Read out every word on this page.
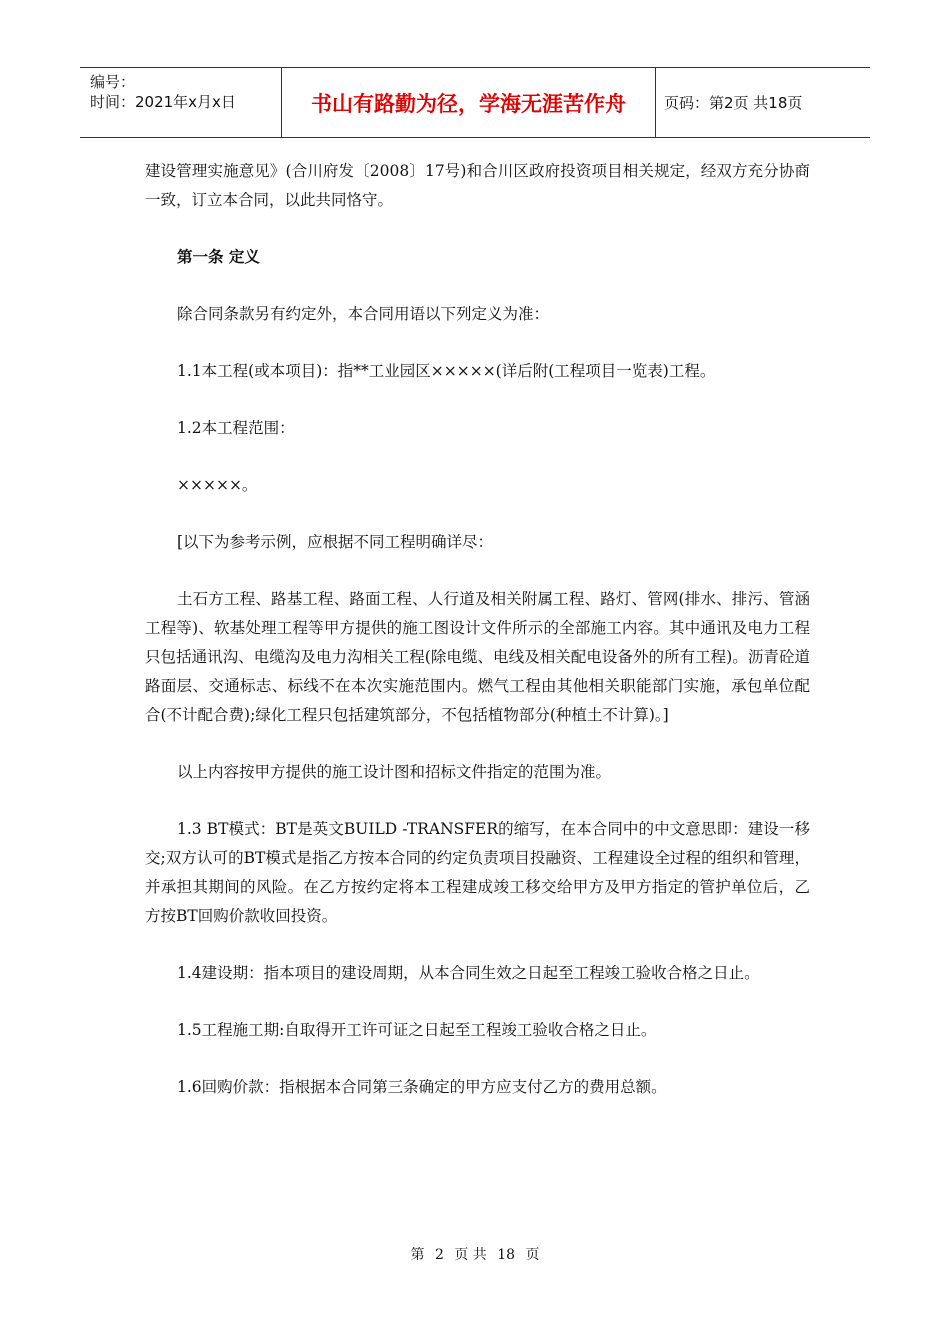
编号：
时间：2021年x月x日	书山有路勤为径，学海无涯苦作舟	页码：第2页 共18页

建设管理实施意见》(合川府发〔2008〕17号)和合川区政府投资项目相关规定，经双方充分协商一致，订立本合同，以此共同恪守。

第一条 定义

除合同条款另有约定外，本合同用语以下列定义为准：

1.1本工程(或本项目)：指**工业园区×××××(详后附(工程项目一览表)工程。

1.2本工程范围：

×××××。

[以下为参考示例，应根据不同工程明确详尽：

土石方工程、路基工程、路面工程、人行道及相关附属工程、路灯、管网(排水、排污、管涵工程等)、软基处理工程等甲方提供的施工图设计文件所示的全部施工内容。其中通讯及电力工程只包括通讯沟、电缆沟及电力沟相关工程(除电缆、电线及相关配电设备外的所有工程)。沥青砼道路面层、交通标志、标线不在本次实施范围内。燃气工程由其他相关职能部门实施，承包单位配合(不计配合费);绿化工程只包括建筑部分，不包括植物部分(种植土不计算)。]

以上内容按甲方提供的施工设计图和招标文件指定的范围为准。

1.3 BT模式：BT是英文BUILD -TRANSFER的缩写，在本合同中的中文意思即：建设一移交;双方认可的BT模式是指乙方按本合同的约定负责项目投融资、工程建设全过程的组织和管理，并承担其期间的风险。在乙方按约定将本工程建成竣工移交给甲方及甲方指定的管护单位后，乙方按BT回购价款收回投资。

1.4建设期：指本项目的建设周期，从本合同生效之日起至工程竣工验收合格之日止。

1.5工程施工期:自取得开工许可证之日起至工程竣工验收合格之日止。

1.6回购价款：指根据本合同第三条确定的甲方应支付乙方的费用总额。

第 2 页 共 18 页
